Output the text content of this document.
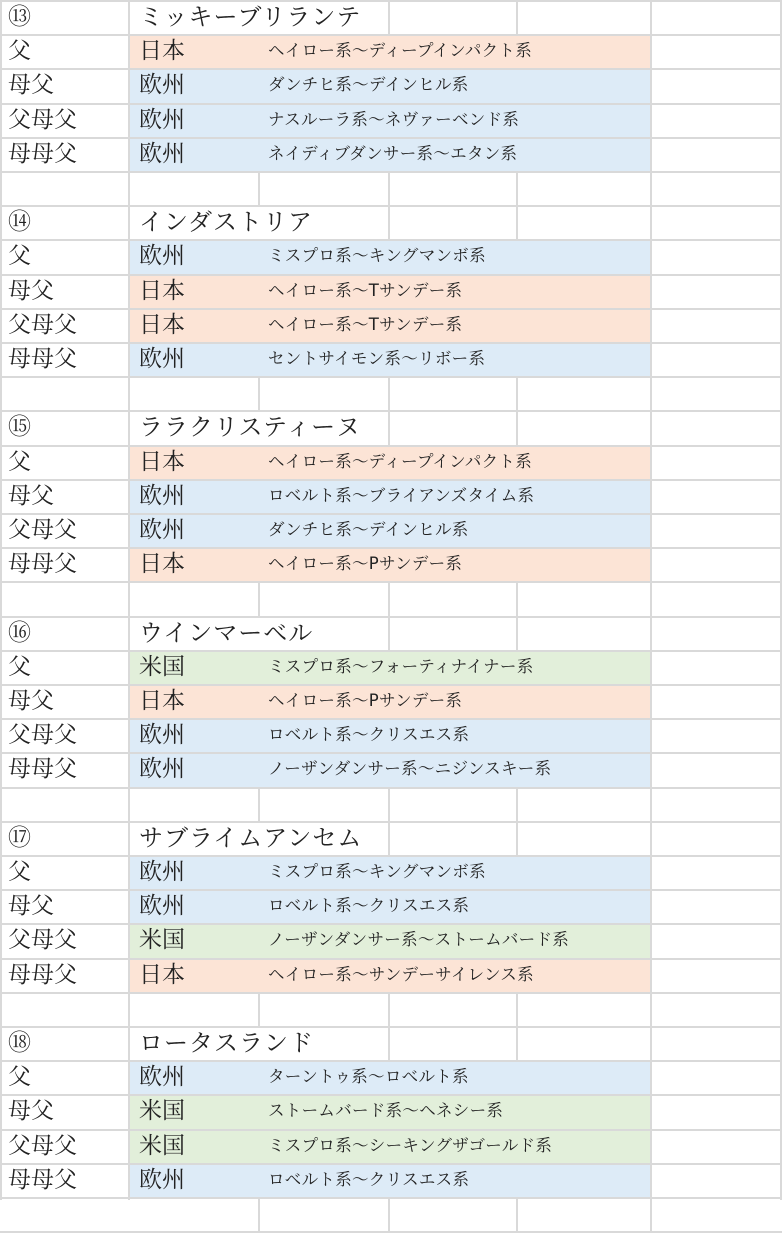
⑬	ミッキーブリランテ
父	日本	ヘイロー系～ディープインパクト系
母父	欧州	ダンチヒ系～デインヒル系
父母父	欧州	ナスルーラ系～ネヴァーベンド系
母母父	欧州	ネイディブダンサー系～エタン系
⑭	インダストリア
父	欧州	ミスプロ系～キングマンボ系
母父	日本	ヘイロー系～Tサンデー系
父母父	日本	ヘイロー系～Tサンデー系
母母父	欧州	セントサイモン系～リボー系
⑮	ララクリスティーヌ
父	日本	ヘイロー系～ディープインパクト系
母父	欧州	ロベルト系～ブライアンズタイム系
父母父	欧州	ダンチヒ系～デインヒル系
母母父	日本	ヘイロー系～Pサンデー系
⑯	ウインマーベル
父	米国	ミスプロ系～フォーティナイナー系
母父	日本	ヘイロー系～Pサンデー系
父母父	欧州	ロベルト系～クリスエス系
母母父	欧州	ノーザンダンサー系～ニジンスキー系
⑰	サブライムアンセム
父	欧州	ミスプロ系～キングマンボ系
母父	欧州	ロベルト系～クリスエス系
父母父	米国	ノーザンダンサー系～ストームバード系
母母父	日本	ヘイロー系～サンデーサイレンス系
⑱	ロータスランド
父	欧州	ターントゥ系～ロベルト系
母父	米国	ストームバード系～ヘネシー系
父母父	米国	ミスプロ系～シーキングザゴールド系
母母父	欧州	ロベルト系～クリスエス系
